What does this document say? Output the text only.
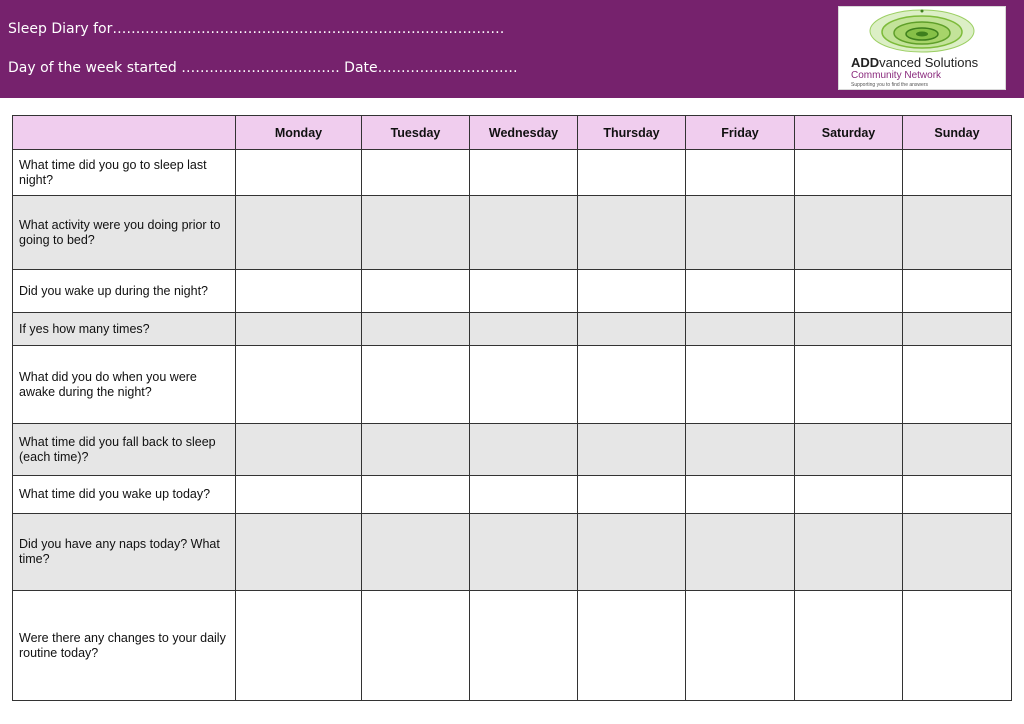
Sleep Diary for…………………………………………………………………………
Day of the week started ……………………………. Date…………………………	ADDvanced Solutions
Community Network
Supporting you to find the answers
	Monday	Tuesday	Wednesday	Thursday	Friday	Saturday	Sunday
What time did you go to sleep last night?							
What activity were you doing prior to going to bed?							
Did you wake up during the night?							
If yes how many times?							
What did you do when you were awake during the night?							
What time did you fall back to sleep (each time)?							
What time did you wake up today?							
Did you have any naps today? What time?							
Were there any changes to your daily routine today?							
